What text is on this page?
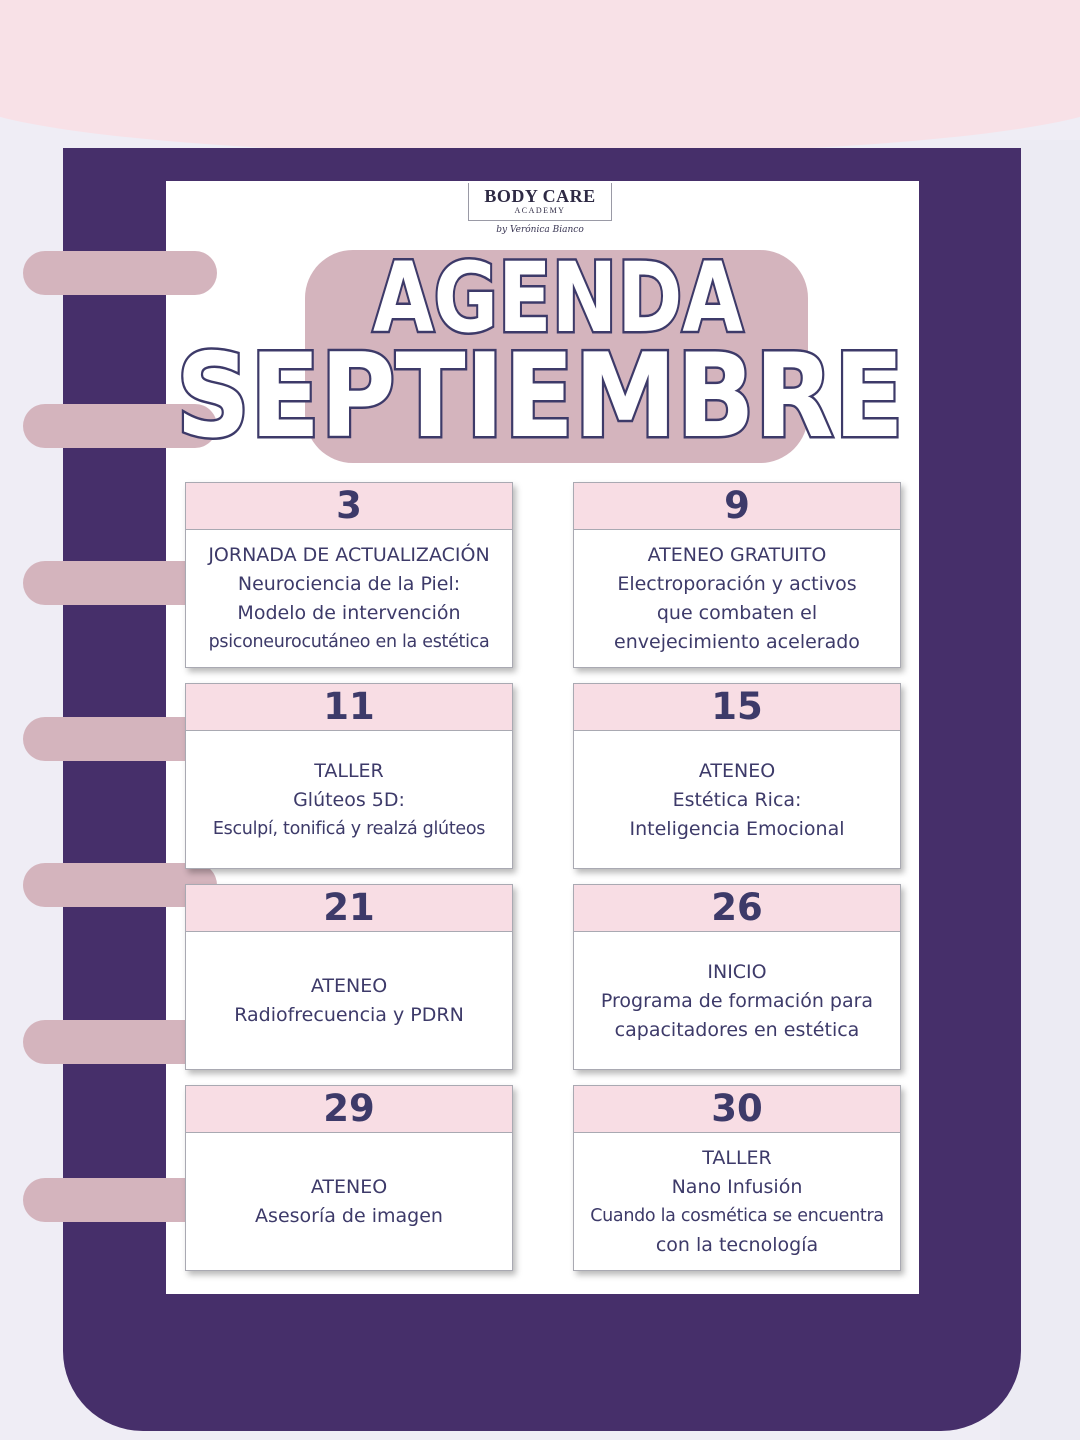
BODY CARE
ACADEMY
by Verónica Bianco
AGENDA
SEPTIEMBRE
3
JORNADA DE ACTUALIZACIÓN
Neurociencia de la Piel:
Modelo de intervención
psiconeurocutáneo en la estética
9
ATENEO GRATUITO
Electroporación y activos
que combaten el
envejecimiento acelerado
11
TALLER
Glúteos 5D:
Esculpí, tonificá y realzá glúteos
15
ATENEO
Estética Rica:
Inteligencia Emocional
21
ATENEO
Radiofrecuencia y PDRN
26
INICIO
Programa de formación para
capacitadores en estética
29
ATENEO
Asesoría de imagen
30
TALLER
Nano Infusión
Cuando la cosmética se encuentra
con la tecnología
